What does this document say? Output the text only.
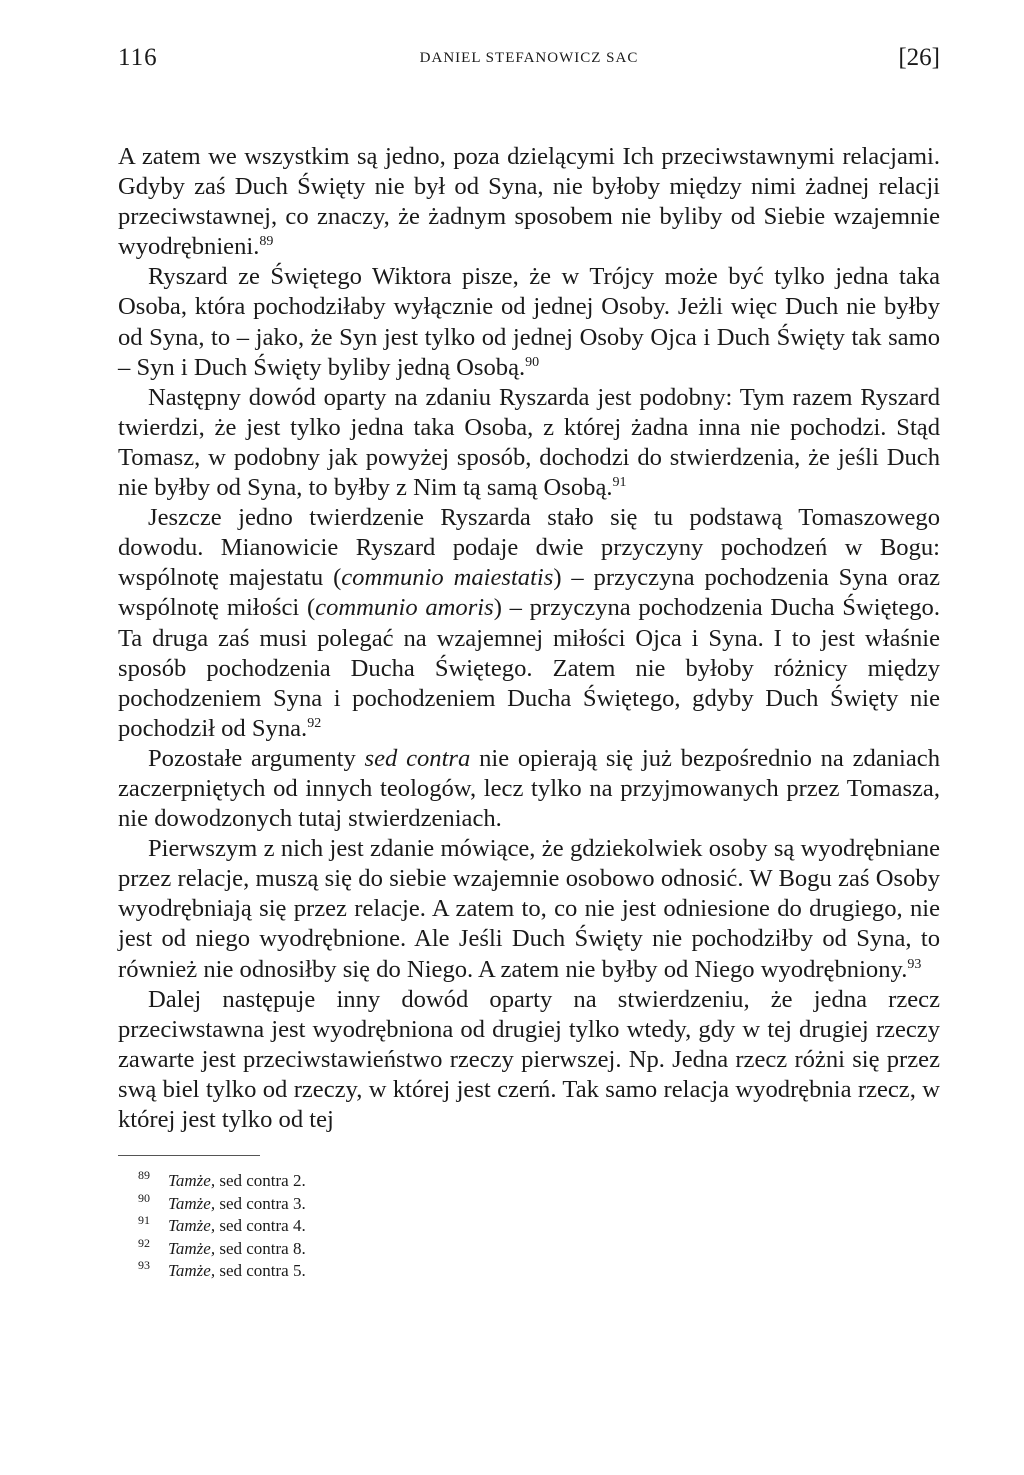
116	DANIEL STEFANOWICZ SAC	[26]

A zatem we wszystkim są jedno, poza dzielącymi Ich przeciwstawnymi relacjami. Gdyby zaś Duch Święty nie był od Syna, nie byłoby między nimi żadnej relacji przeciwstawnej, co znaczy, że żadnym sposobem nie byliby od Siebie wzajemnie wyodrębnieni.$^{89}$

Ryszard ze Świętego Wiktora pisze, że w Trójcy może być tylko jedna taka Osoba, która pochodziłaby wyłącznie od jednej Osoby. Jeżli więc Duch nie byłby od Syna, to – jako, że Syn jest tylko od jednej Osoby Ojca i Duch Święty tak samo – Syn i Duch Święty byliby jedną Osobą.$^{90}$

Następny dowód oparty na zdaniu Ryszarda jest podobny: Tym razem Ryszard twierdzi, że jest tylko jedna taka Osoba, z której żadna inna nie pochodzi. Stąd Tomasz, w podobny jak powyżej sposób, dochodzi do stwierdzenia, że jeśli Duch nie byłby od Syna, to byłby z Nim tą samą Osobą.$^{91}$

Jeszcze jedno twierdzenie Ryszarda stało się tu podstawą Tomaszowego dowodu. Mianowicie Ryszard podaje dwie przyczyny pochodzeń w Bogu: wspólnotę majestatu (communio maiestatis) – przyczyna pochodzenia Syna oraz wspólnotę miłości (communio amoris) – przyczyna pochodzenia Ducha Świętego. Ta druga zaś musi polegać na wzajemnej miłości Ojca i Syna. I to jest właśnie sposób pochodzenia Ducha Świętego. Zatem nie byłoby różnicy między pochodzeniem Syna i pochodzeniem Ducha Świętego, gdyby Duch Święty nie pochodził od Syna.$^{92}$

Pozostałe argumenty sed contra nie opierają się już bezpośrednio na zdaniach zaczerpniętych od innych teologów, lecz tylko na przyjmowanych przez Tomasza, nie dowodzonych tutaj stwierdzeniach.

Pierwszym z nich jest zdanie mówiące, że gdziekolwiek osoby są wyodrębniane przez relacje, muszą się do siebie wzajemnie osobowo odnosić. W Bogu zaś Osoby wyodrębniają się przez relacje. A zatem to, co nie jest odniesione do drugiego, nie jest od niego wyodrębnione. Ale Jeśli Duch Święty nie pochodziłby od Syna, to również nie odnosiłby się do Niego. A zatem nie byłby od Niego wyodrębniony.$^{93}$

Dalej następuje inny dowód oparty na stwierdzeniu, że jedna rzecz przeciwstawna jest wyodrębniona od drugiej tylko wtedy, gdy w tej drugiej rzeczy zawarte jest przeciwstawieństwo rzeczy pierwszej. Np. Jedna rzecz różni się przez swą biel tylko od rzeczy, w której jest czerń. Tak samo relacja wyodrębnia rzecz, w której jest tylko od tej

89 Tamże, sed contra 2.
90 Tamże, sed contra 3.
91 Tamże, sed contra 4.
92 Tamże, sed contra 8.
93 Tamże, sed contra 5.
